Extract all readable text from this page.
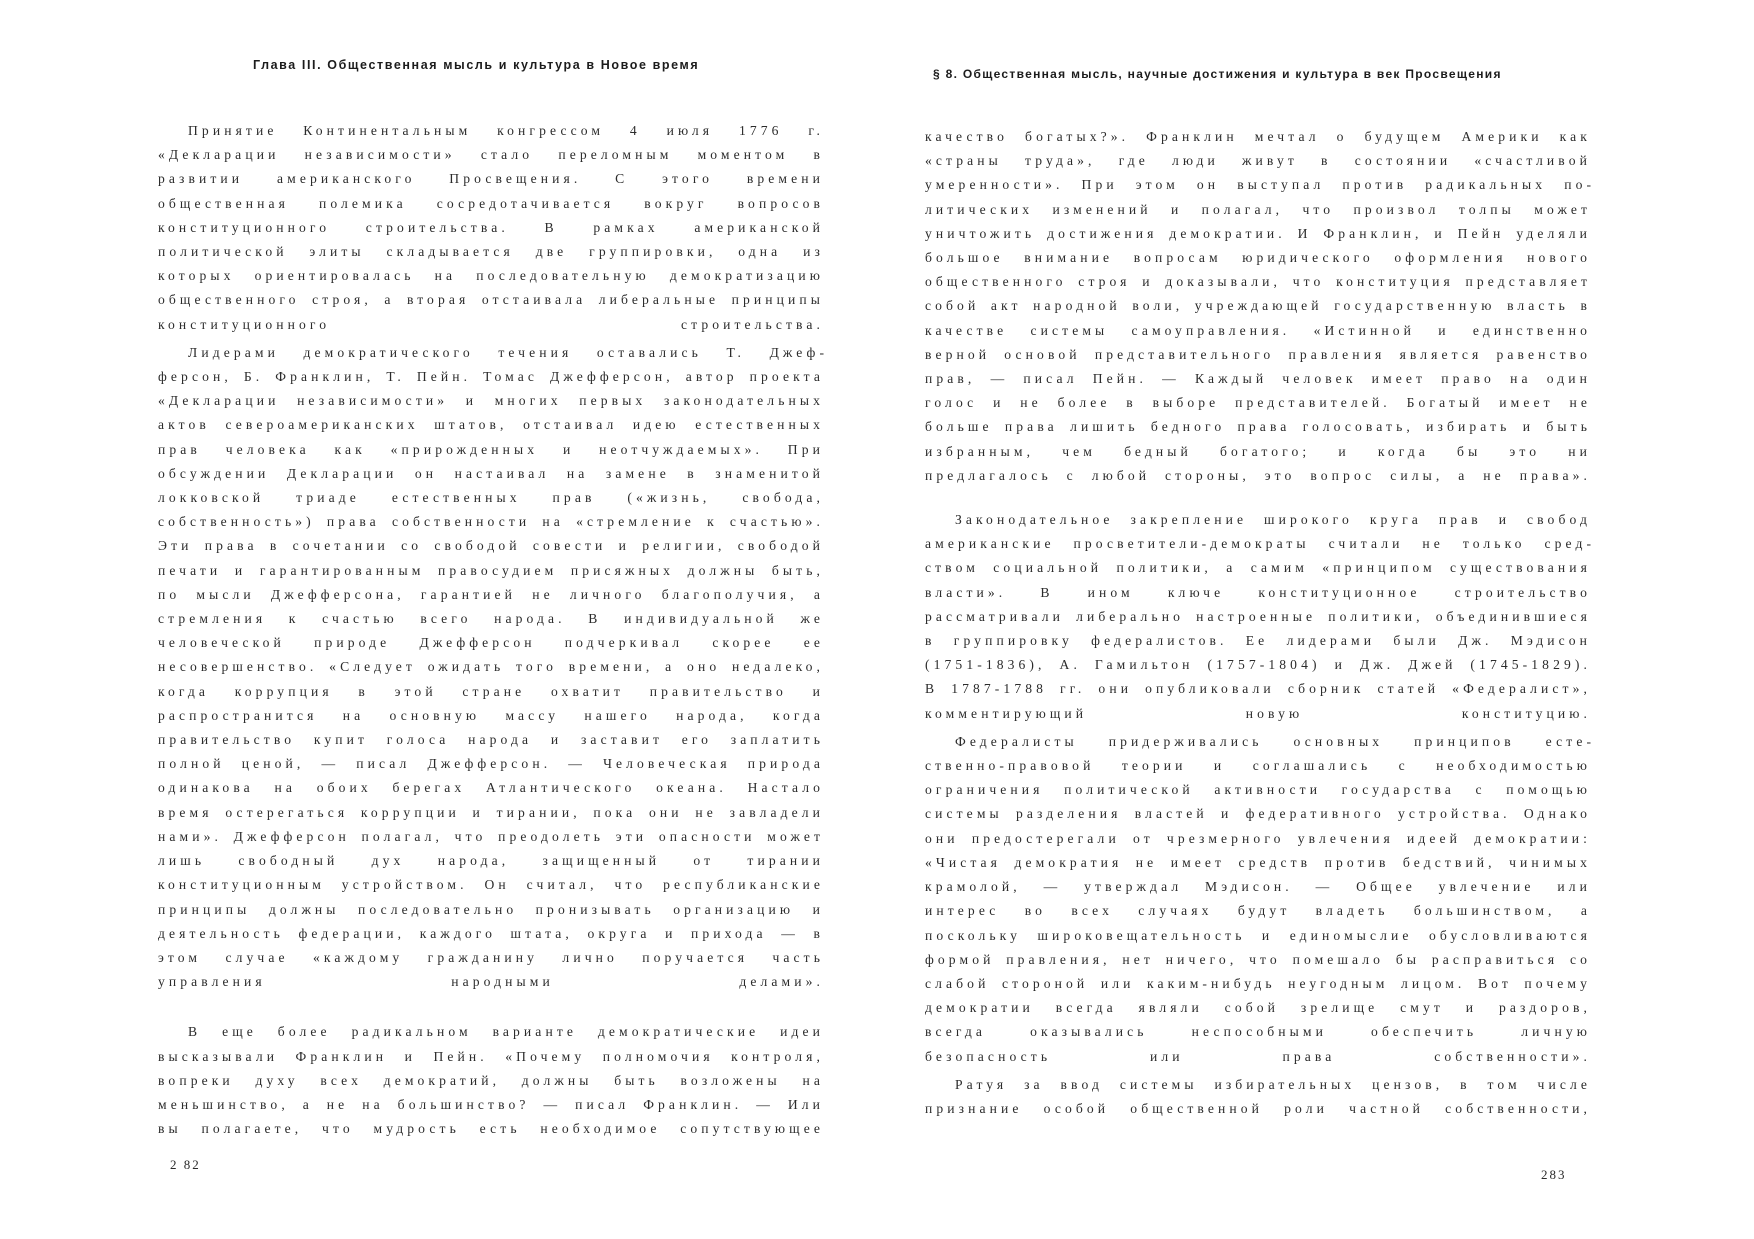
Глава III. Общественная мысль и культура в Новое время

Принятие Континентальным конгрессом 4 июля 1776 г. «Декларации независимости» стало переломным моментом в развитии американского Просвещения. С этого времени общественная полемика сосредотачивается вокруг вопросов конституционного строительства. В рамках американской политической элиты складывается две группировки, одна из которых ориентировалась на последовательную демократизацию общественного строя, а вторая отстаивала либеральные принципы конституционного строительства.

Лидерами демократического течения оставались Т. Джефферсон, Б. Франклин, Т. Пейн. Томас Джефферсон, автор проекта «Декларации независимости» и многих первых законодательных актов североамериканских штатов, отстаивал идею естественных прав человека как «прирожденных и неотчуждаемых». При обсуждении Декларации он настаивал на замене в знаменитой локковской триаде естественных прав («жизнь, свобода, собственность») права собственности на «стремление к счастью». Эти права в сочетании со свободой совести и религии, свободой печати и гарантированным правосудием присяжных должны быть, по мысли Джефферсона, гарантией не личного благополучия, а стремления к счастью всего народа. В индивидуальной же человеческой природе Джефферсон подчеркивал скорее ее несовершенство. «Следует ожидать того времени, а оно недалеко, когда коррупция в этой стране охватит правительство и распространится на основную массу нашего народа, когда правительство купит голоса народа и заставит его заплатить полной ценой, — писал Джефферсон. — Человеческая природа одинакова на обоих берегах Атлантического океана. Настало время остерегаться коррупции и тирании, пока они не завладели нами». Джефферсон полагал, что преодолеть эти опасности может лишь свободный дух народа, защищенный от тирании конституционным устройством. Он считал, что республиканские принципы должны последовательно пронизывать организацию и деятельность федерации, каждого штата, округа и прихода — в этом случае «каждому гражданину лично поручается часть управления народными делами».

В еще более радикальном варианте демократические идеи высказывали Франклин и Пейн. «Почему полномочия контроля, вопреки духу всех демократий, должны быть возложены на меньшинство, а не на большинство? — писал Франклин. — Или вы полагаете, что мудрость есть необходимое сопутствующее

2 82
§ 8. Общественная мысль, научные достижения и культура в век Просвещения

качество богатых?». Франклин мечтал о будущем Америки как «страны труда», где люди живут в состоянии «счастливой умеренности». При этом он выступал против радикальных политических изменений и полагал, что произвол толпы может уничтожить достижения демократии. И Франклин, и Пейн уделяли большое внимание вопросам юридического оформления нового общественного строя и доказывали, что конституция представляет собой акт народной воли, учреждающей государственную власть в качестве системы самоуправления. «Истинной и единственно верной основой представительного правления является равенство прав, — писал Пейн. — Каждый человек имеет право на один голос и не более в выборе представителей. Богатый имеет не больше права лишить бедного права голосовать, избирать и быть избранным, чем бедный богатого; и когда бы это ни предлагалось с любой стороны, это вопрос силы, а не права».

Законодательное закрепление широкого круга прав и свобод американские просветители-демократы считали не только средством социальной политики, а самим «принципом существования власти». В ином ключе конституционное строительство рассматривали либерально настроенные политики, объединившиеся в группировку федералистов. Ее лидерами были Дж. Мэдисон (1751-1836), А. Гамильтон (1757-1804) и Дж. Джей (1745-1829). В 1787-1788 гг. они опубликовали сборник статей «Федералист», комментирующий новую конституцию.

Федералисты придерживались основных принципов естественно-правовой теории и соглашались с необходимостью ограничения политической активности государства с помощью системы разделения властей и федеративного устройства. Однако они предостерегали от чрезмерного увлечения идеей демократии: «Чистая демократия не имеет средств против бедствий, чинимых крамолой, — утверждал Мэдисон. — Общее увлечение или интерес во всех случаях будут владеть большинством, а поскольку широковещательность и единомыслие обусловливаются формой правления, нет ничего, что помешало бы расправиться со слабой стороной или каким-нибудь неугодным лицом. Вот почему демократии всегда являли собой зрелище смут и раздоров, всегда оказывались неспособными обеспечить личную безопасность или права собственности».

Ратуя за ввод системы избирательных цензов, в том числе признание особой общественной роли частной собственности,

283
